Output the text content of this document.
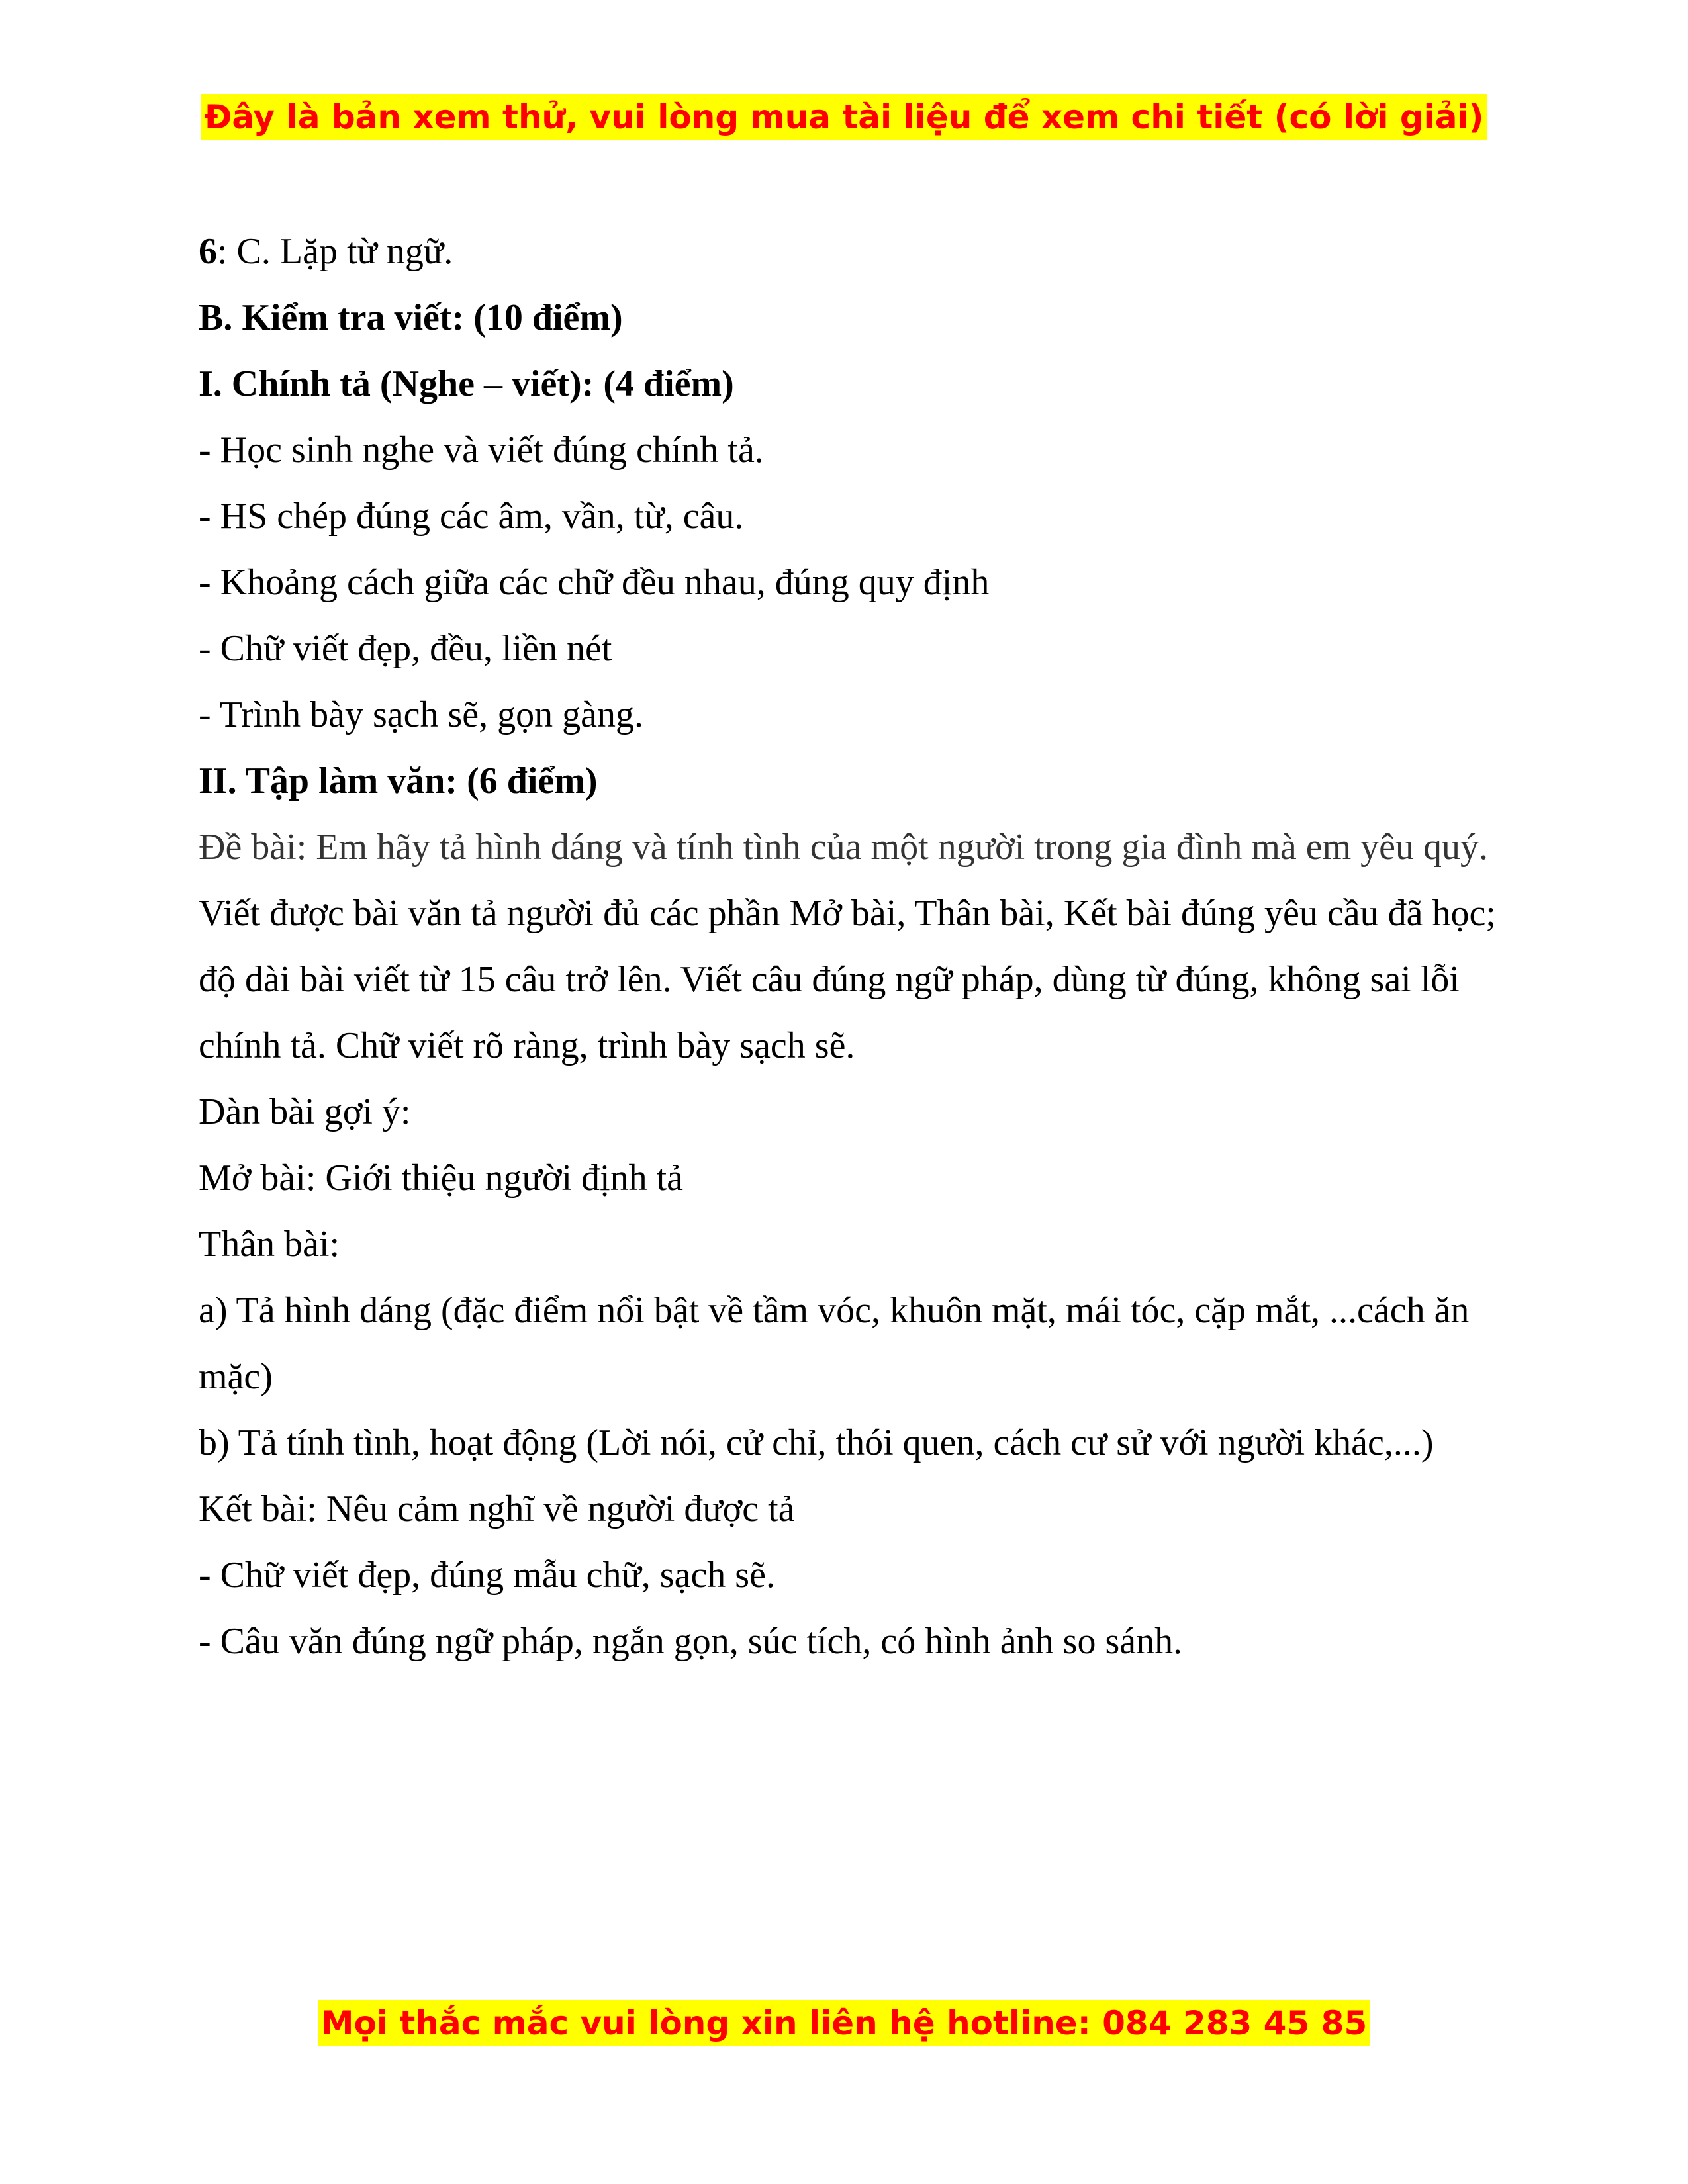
Đây là bản xem thử, vui lòng mua tài liệu để xem chi tiết (có lời giải)

6: C. Lặp từ ngữ.

B. Kiểm tra viết: (10 điểm)

I. Chính tả (Nghe – viết): (4 điểm)

- Học sinh nghe và viết đúng chính tả.

- HS chép đúng các âm, vần, từ, câu.

- Khoảng cách giữa các chữ đều nhau, đúng quy định

- Chữ viết đẹp, đều, liền nét

- Trình bày sạch sẽ, gọn gàng.

II. Tập làm văn: (6 điểm)

Đề bài: Em hãy tả hình dáng và tính tình của một người trong gia đình mà em yêu quý.

Viết được bài văn tả người đủ các phần Mở bài, Thân bài, Kết bài đúng yêu cầu đã học; độ dài bài viết từ 15 câu trở lên. Viết câu đúng ngữ pháp, dùng từ đúng, không sai lỗi chính tả. Chữ viết rõ ràng, trình bày sạch sẽ.

Dàn bài gợi ý:

Mở bài: Giới thiệu người định tả

Thân bài:

a) Tả hình dáng (đặc điểm nổi bật về tầm vóc, khuôn mặt, mái tóc, cặp mắt, ...cách ăn mặc)

b) Tả tính tình, hoạt động (Lời nói, cử chỉ, thói quen, cách cư sử với người khác,...)

Kết bài: Nêu cảm nghĩ về người được tả

- Chữ viết đẹp, đúng mẫu chữ, sạch sẽ.

- Câu văn đúng ngữ pháp, ngắn gọn, súc tích, có hình ảnh so sánh.

Mọi thắc mắc vui lòng xin liên hệ hotline: 084 283 45 85
